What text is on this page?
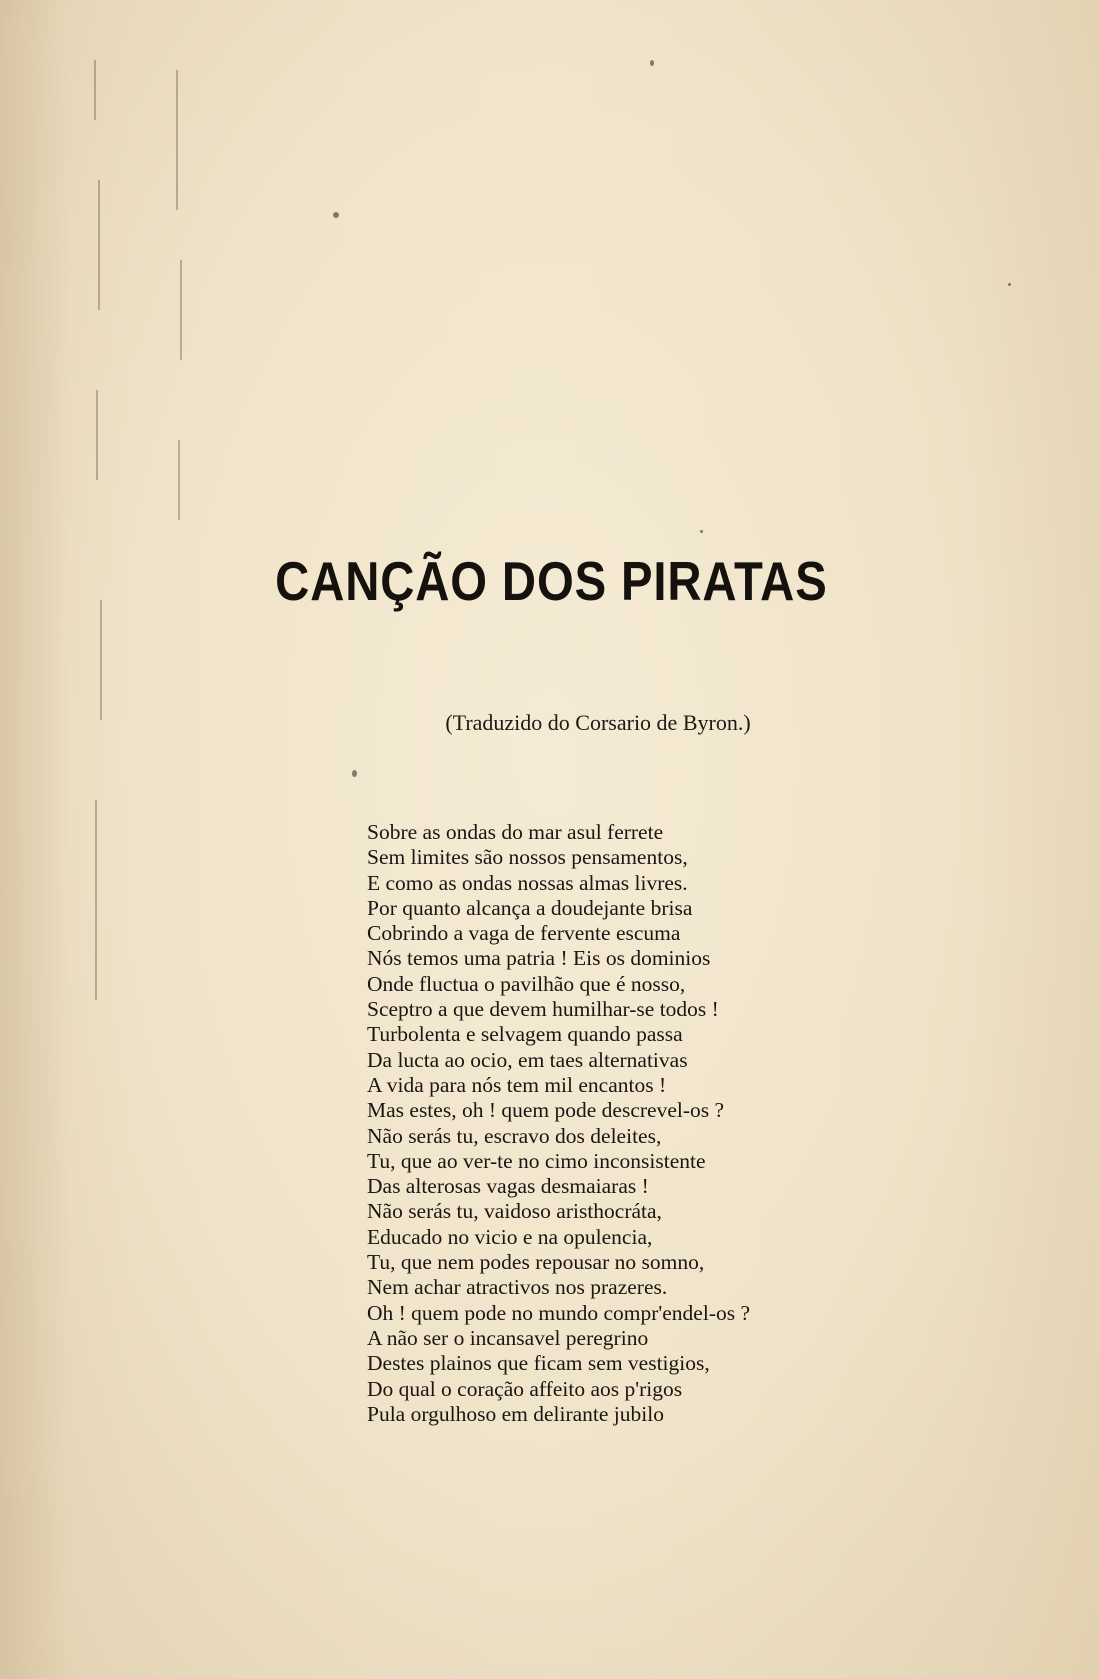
CANÇÃO DOS PIRATAS
(Traduzido do Corsario de Byron.)
Sobre as ondas do mar asul ferrete
Sem limites são nossos pensamentos,
E como as ondas nossas almas livres.
Por quanto alcança a doudejante brisa
Cobrindo a vaga de fervente escuma
Nós temos uma patria ! Eis os dominios
Onde fluctua o pavilhão que é nosso,
Sceptro a que devem humilhar-se todos !
Turbolenta e selvagem quando passa
Da lucta ao ocio, em taes alternativas
A vida para nós tem mil encantos !
Mas estes, oh ! quem pode descrevel-os ?
Não serás tu, escravo dos deleites,
Tu, que ao ver-te no cimo inconsistente
Das alterosas vagas desmaiaras !
Não serás tu, vaidoso aristhocráta,
Educado no vicio e na opulencia,
Tu, que nem podes repousar no somno,
Nem achar atractivos nos prazeres.
Oh ! quem pode no mundo compr'endel-os ?
A não ser o incansavel peregrino
Destes plainos que ficam sem vestigios,
Do qual o coração affeito aos p'rigos
Pula orgulhoso em delirante jubilo
